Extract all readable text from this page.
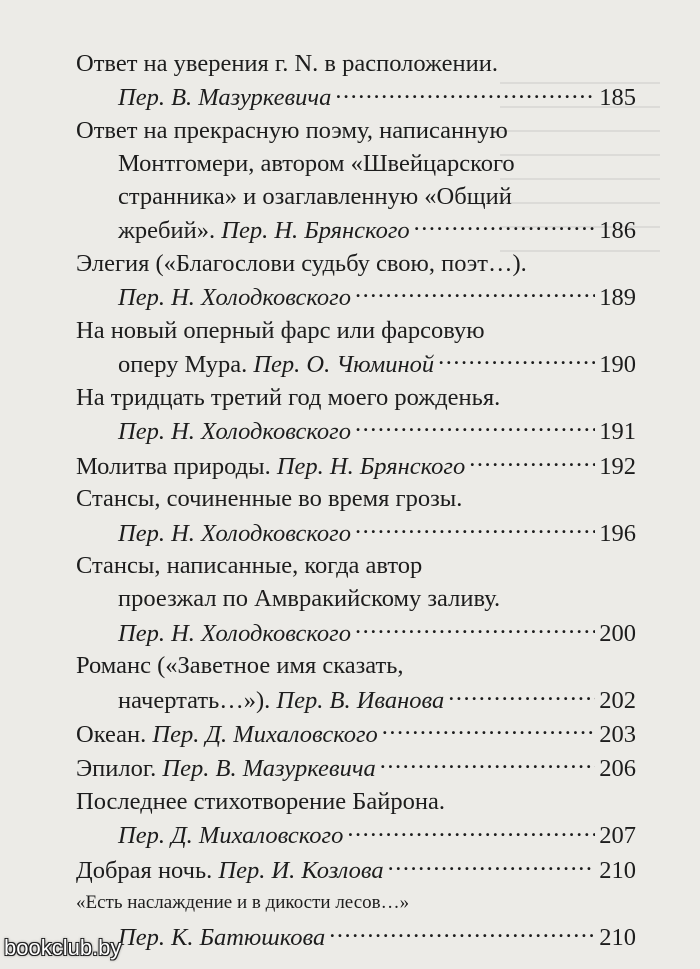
Ответ на уверения г. N. в расположении.
Пер. В. Мазуркевича .....	185
Ответ на прекрасную поэму, написанную
Монтгомери, автором «Швейцарского
странника» и озаглавленную «Общий
жребий». Пер. Н. Брянского .....	186
Элегия («Благослови судьбу свою, поэт…).
Пер. Н. Холодковского .....	189
На новый оперный фарс или фарсовую
оперу Мура. Пер. О. Чюминой .....	190
На тридцать третий год моего рожденья.
Пер. Н. Холодковского .....	191
Молитва природы. Пер. Н. Брянского .....	192
Стансы, сочиненные во время грозы.
Пер. Н. Холодковского .....	196
Стансы, написанные, когда автор
проезжал по Амвракийскому заливу.
Пер. Н. Холодковского .....	200
Романс («Заветное имя сказать,
начертать…»). Пер. В. Иванова .....	202
Океан. Пер. Д. Михаловского .....	203
Эпилог. Пер. В. Мазуркевича .....	206
Последнее стихотворение Байрона.
Пер. Д. Михаловского .....	207
Добрая ночь. Пер. И. Козлова .....	210
«Есть наслаждение и в дикости лесов…»
Пер. К. Батюшкова .....	210
bookclub.by
